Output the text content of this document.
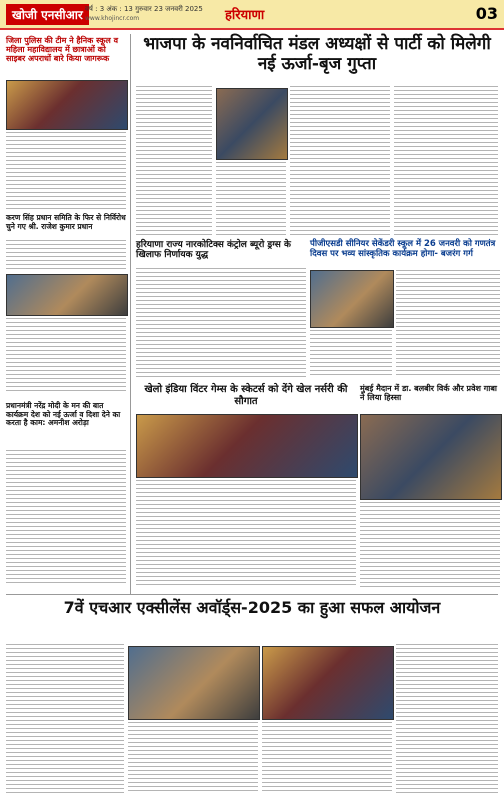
खोजी एनसीआर वर्ष : 3 अंक : 13 गुरुवार 23 जनवरी 2025
www.khojincr.com	हरियाणा	03
जिला पुलिस की टीम ने हैनिक स्कूल व महिला महाविद्यालय में छात्राओं को साइबर अपराधों बारे किया जागरूक
करण सिंह प्रधान समिति के फिर से निर्विरोध चुने गए श्री. राजेश कुमार प्रधान
प्रधानमंत्री नरेंद्र मोदी के मन की बात कार्यक्रम देश को नई ऊर्जा व दिशा देने का करता है काम: अमनीश अरोड़ा
भाजपा के नवनिर्वाचित मंडल अध्यक्षों से पार्टी को मिलेगी नई ऊर्जा-बृज गुप्ता
हरियाणा राज्य नारकोटिक्स कंट्रोल ब्यूरो ड्रग्स के खिलाफ निर्णायक युद्ध
पीजीएसडी सीनियर सेकेंडरी स्कूल में 26 जनवरी को गणतंत्र दिवस पर भव्य सांस्कृतिक कार्यक्रम होगा- बजरंग गर्ग
खेलो इंडिया विंटर गेम्स के स्केटर्स को देंगे खेल नर्सरी की सौगात
मुंबई मैदान में डा. बलबीर विर्क और प्रवेश गाबा ने लिया हिस्सा
7वें एचआर एक्सीलेंस अवॉर्ड्स-2025 का हुआ सफल आयोजन
